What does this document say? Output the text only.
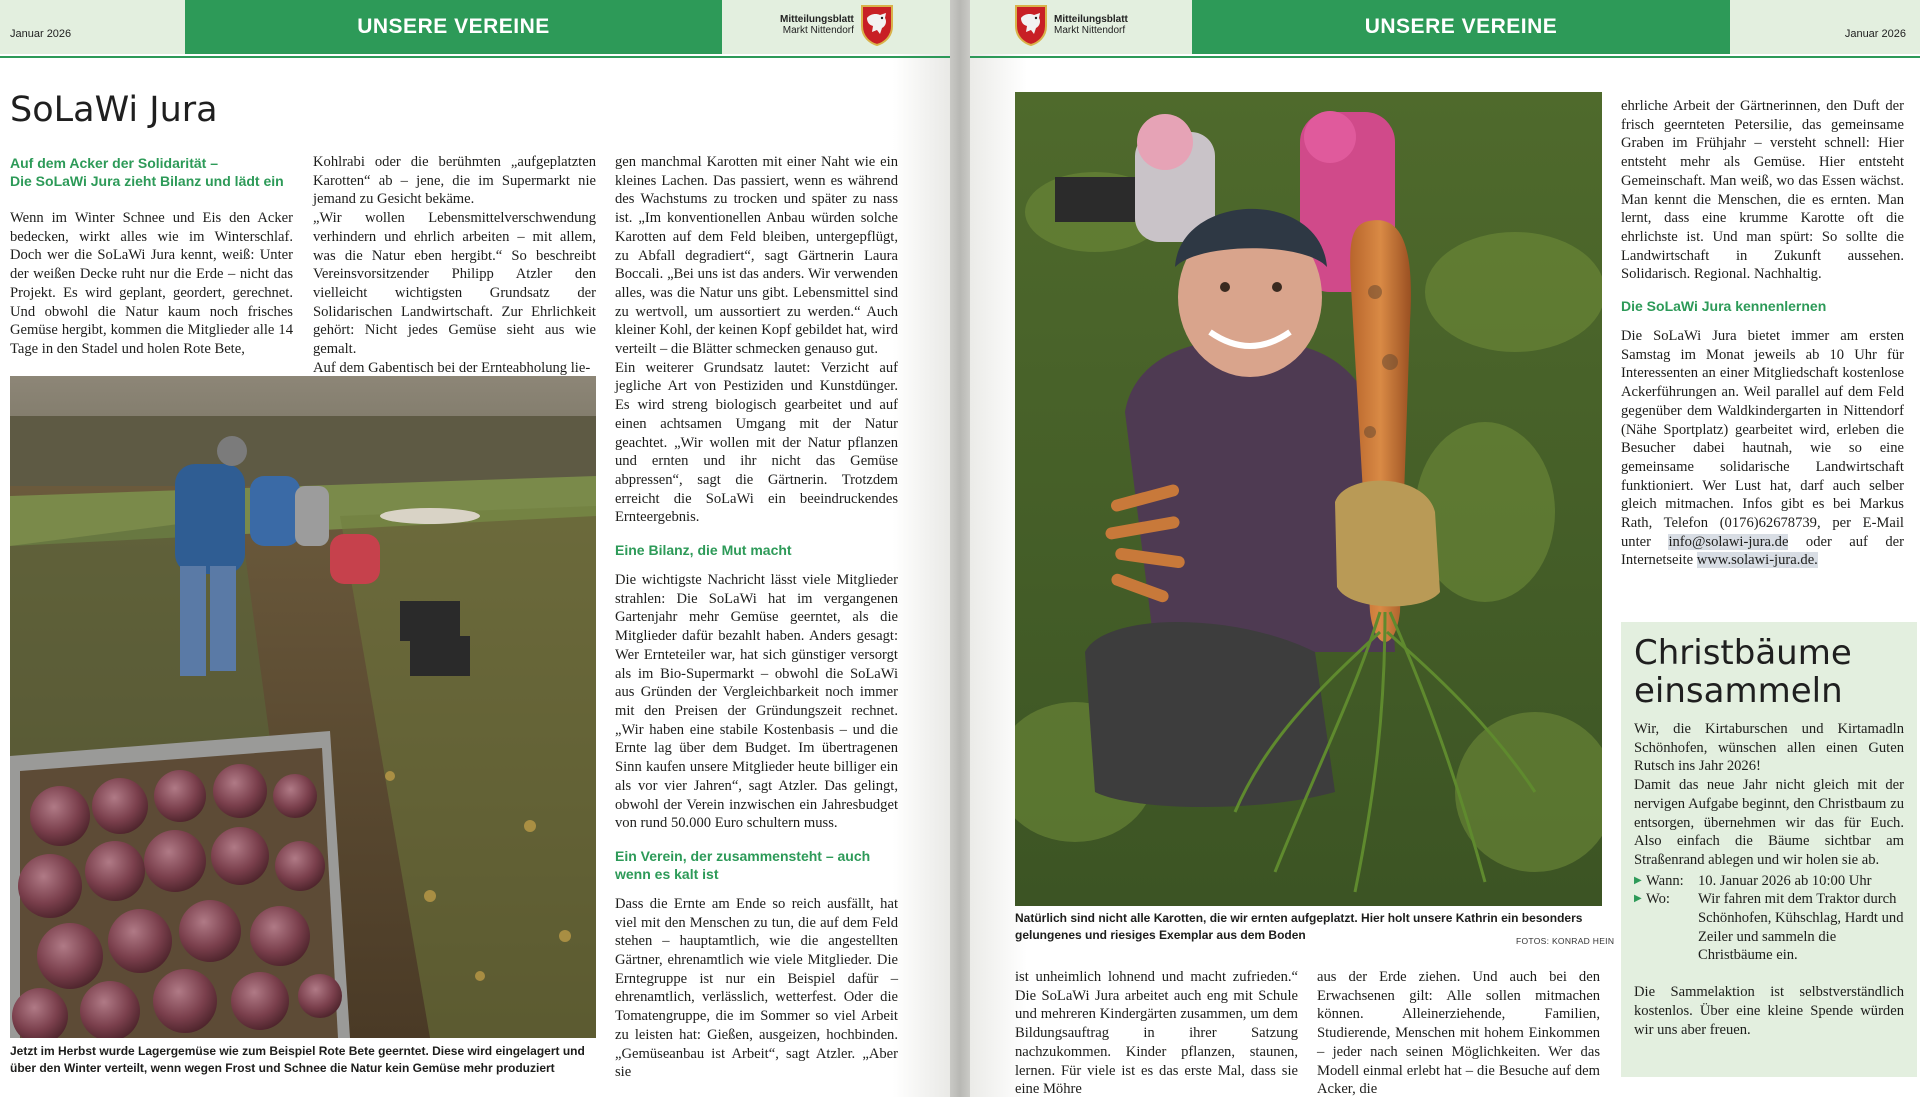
Januar 2026	UNSERE VEREINE	Mitteilungsblatt
Markt Nittendorf
SoLaWi Jura
Auf dem Acker der Solidarität –
Die SoLaWi Jura zieht Bilanz und lädt ein

Wenn im Winter Schnee und Eis den Acker bedecken, wirkt alles wie im Winterschlaf. Doch wer die SoLaWi Jura kennt, weiß: Unter der weißen Decke ruht nur die Erde – nicht das Projekt. Es wird geplant, geordert, gerechnet. Und obwohl die Natur kaum noch frisches Gemüse hergibt, kommen die Mitglieder alle 14 Tage in den Stadel und holen Rote Bete,

Kohlrabi oder die berühmten „aufgeplatzten Karotten“ ab – jene, die im Supermarkt nie jemand zu Gesicht bekäme.

„Wir wollen Lebensmittelverschwendung verhindern und ehrlich arbeiten – mit allem, was die Natur eben hergibt.“ So beschreibt Vereinsvorsitzender Philipp Atzler den vielleicht wichtigsten Grundsatz der Solidarischen Landwirtschaft. Zur Ehrlichkeit gehört: Nicht jedes Gemüse sieht aus wie gemalt.

Auf dem Gabentisch bei der Ernteabholung lie-

Jetzt im Herbst wurde Lagergemüse wie zum Beispiel Rote Bete geerntet. Diese wird eingelagert und über den Winter verteilt, wenn wegen Frost und Schnee die Natur kein Gemüse mehr produziert

gen manchmal Karotten mit einer Naht wie ein kleines Lachen. Das passiert, wenn es während des Wachstums zu trocken und später zu nass ist. „Im konventionellen Anbau würden solche Karotten auf dem Feld bleiben, untergepflügt, zu Abfall degradiert“, sagt Gärtnerin Laura Boccali. „Bei uns ist das anders. Wir verwenden alles, was die Natur uns gibt. Lebensmittel sind zu wertvoll, um aussortiert zu werden.“ Auch kleiner Kohl, der keinen Kopf gebildet hat, wird verteilt – die Blätter schmecken genauso gut.

Ein weiterer Grundsatz lautet: Verzicht auf jegliche Art von Pestiziden und Kunstdünger. Es wird streng biologisch gearbeitet und auf einen achtsamen Umgang mit der Natur geachtet. „Wir wollen mit der Natur pflanzen und ernten und ihr nicht das Gemüse abpressen“, sagt die Gärtnerin. Trotzdem erreicht die SoLaWi ein beeindruckendes Ernteergebnis.

Eine Bilanz, die Mut macht

Die wichtigste Nachricht lässt viele Mitglieder strahlen: Die SoLaWi hat im vergangenen Gartenjahr mehr Gemüse geerntet, als die Mitglieder dafür bezahlt haben. Anders gesagt: Wer Ernteteiler war, hat sich günstiger versorgt als im Bio-Supermarkt – obwohl die SoLaWi aus Gründen der Vergleichbarkeit noch immer mit den Preisen der Gründungszeit rechnet. „Wir haben eine stabile Kostenbasis – und die Ernte lag über dem Budget. Im übertragenen Sinn kaufen unsere Mitglieder heute billiger ein als vor vier Jahren“, sagt Atzler. Das gelingt, obwohl der Verein inzwischen ein Jahresbudget von rund 50.000 Euro schultern muss.

Ein Verein, der zusammensteht – auch wenn es kalt ist

Dass die Ernte am Ende so reich ausfällt, hat viel mit den Menschen zu tun, die auf dem Feld stehen – hauptamtlich, wie die angestellten Gärtner, ehrenamtlich wie viele Mitglieder. Die Erntegruppe ist nur ein Beispiel dafür – ehrenamtlich, verlässlich, wetterfest. Oder die Tomatengruppe, die im Sommer so viel Arbeit zu leisten hat: Gießen, ausgeizen, hochbinden. „Gemüseanbau ist Arbeit“, sagt Atzler. „Aber sie

Mitteilungsblatt
Markt Nittendorf	UNSERE VEREINE	Januar 2026
Natürlich sind nicht alle Karotten, die wir ernten aufgeplatzt. Hier holt unsere Kathrin ein besonders gelungenes und riesiges Exemplar aus dem Boden	FOTOS: KONRAD HEIN

ist unheimlich lohnend und macht zufrieden.“ Die SoLaWi Jura arbeitet auch eng mit Schule und mehreren Kindergärten zusammen, um dem Bildungsauftrag in ihrer Satzung nachzukommen. Kinder pflanzen, staunen, lernen. Für viele ist es das erste Mal, dass sie eine Möhre

aus der Erde ziehen. Und auch bei den Erwachsenen gilt: Alle sollen mitmachen können. Alleinerziehende, Familien, Studierende, Menschen mit hohem Einkommen – jeder nach seinen Möglichkeiten. Wer das Modell einmal erlebt hat – die Besuche auf dem Acker, die

ehrliche Arbeit der Gärtnerinnen, den Duft der frisch geernteten Petersilie, das gemeinsame Graben im Frühjahr – versteht schnell: Hier entsteht mehr als Gemüse. Hier entsteht Gemeinschaft. Man weiß, wo das Essen wächst. Man kennt die Menschen, die es ernten. Man lernt, dass eine krumme Karotte oft die ehrlichste ist. Und man spürt: So sollte die Landwirtschaft in Zukunft aussehen. Solidarisch. Regional. Nachhaltig.

Die SoLaWi Jura kennenlernen

Die SoLaWi Jura bietet immer am ersten Samstag im Monat jeweils ab 10 Uhr für Interessenten an einer Mitgliedschaft kostenlose Ackerführungen an. Weil parallel auf dem Feld gegenüber dem Waldkindergarten in Nittendorf (Nähe Sportplatz) gearbeitet wird, erleben die Besucher dabei hautnah, wie so eine gemeinsame solidarische Landwirtschaft funktioniert. Wer Lust hat, darf auch selber gleich mitmachen. Infos gibt es bei Markus Rath, Telefon (0176)62678739, per E-Mail unter info@solawi-jura.de oder auf der Internetseite www.solawi-jura.de.

Christbäume einsammeln

Wir, die Kirtaburschen und Kirtamadln Schönhofen, wünschen allen einen Guten Rutsch ins Jahr 2026!

Damit das neue Jahr nicht gleich mit der nervigen Aufgabe beginnt, den Christbaum zu entsorgen, übernehmen wir das für Euch. Also einfach die Bäume sichtbar am Straßenrand ablegen und wir holen sie ab.

▶ Wann: 10. Januar 2026 ab 10:00 Uhr
▶ Wo:	Wir fahren mit dem Traktor durch Schönhofen, Kühschlag, Hardt und Zeiler und sammeln die Christbäume ein.

Die Sammelaktion ist selbstverständlich kostenlos. Über eine kleine Spende würden wir uns aber freuen.
